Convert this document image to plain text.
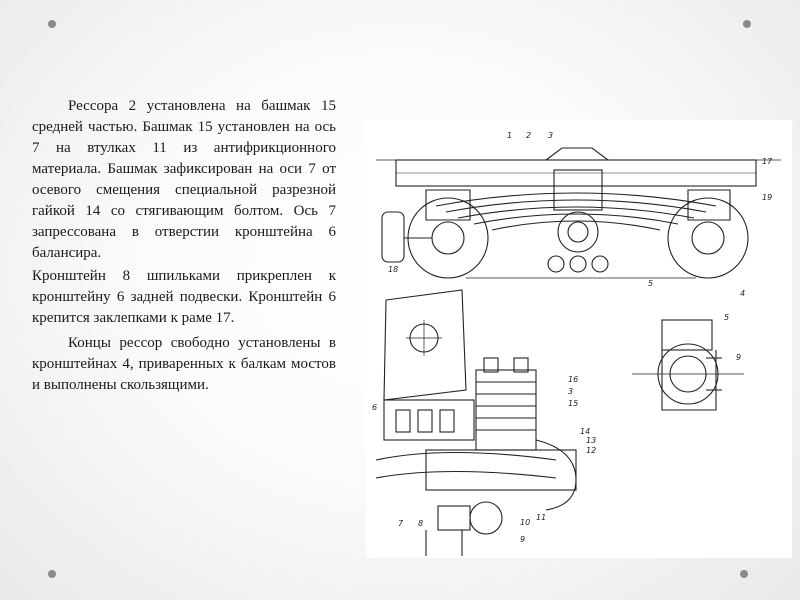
Рессора 2 установлена на башмак 15 средней частью. Башмак 15 установлен на ось 7 на втулках 11 из антифрикционного материала. Башмак зафиксирован на оси 7 от осевого смещения специальной разрезной гайкой 14 со стягивающим болтом. Ось 7 запрессована в отверстии кронштейна 6 балансира.

Кронштейн 8 шпильками прикреплен к кронштейну 6 задней подвески. Кронштейн 6 крепится заклепками к раме 17.

Концы рессор свободно установлены в кронштейнах 4, приваренных к балкам мостов и выполнены скользящими.

1 2 3
17
19
18
4
5
5
9
16
3
15
14
13
12
6
11
10
9
7 8
